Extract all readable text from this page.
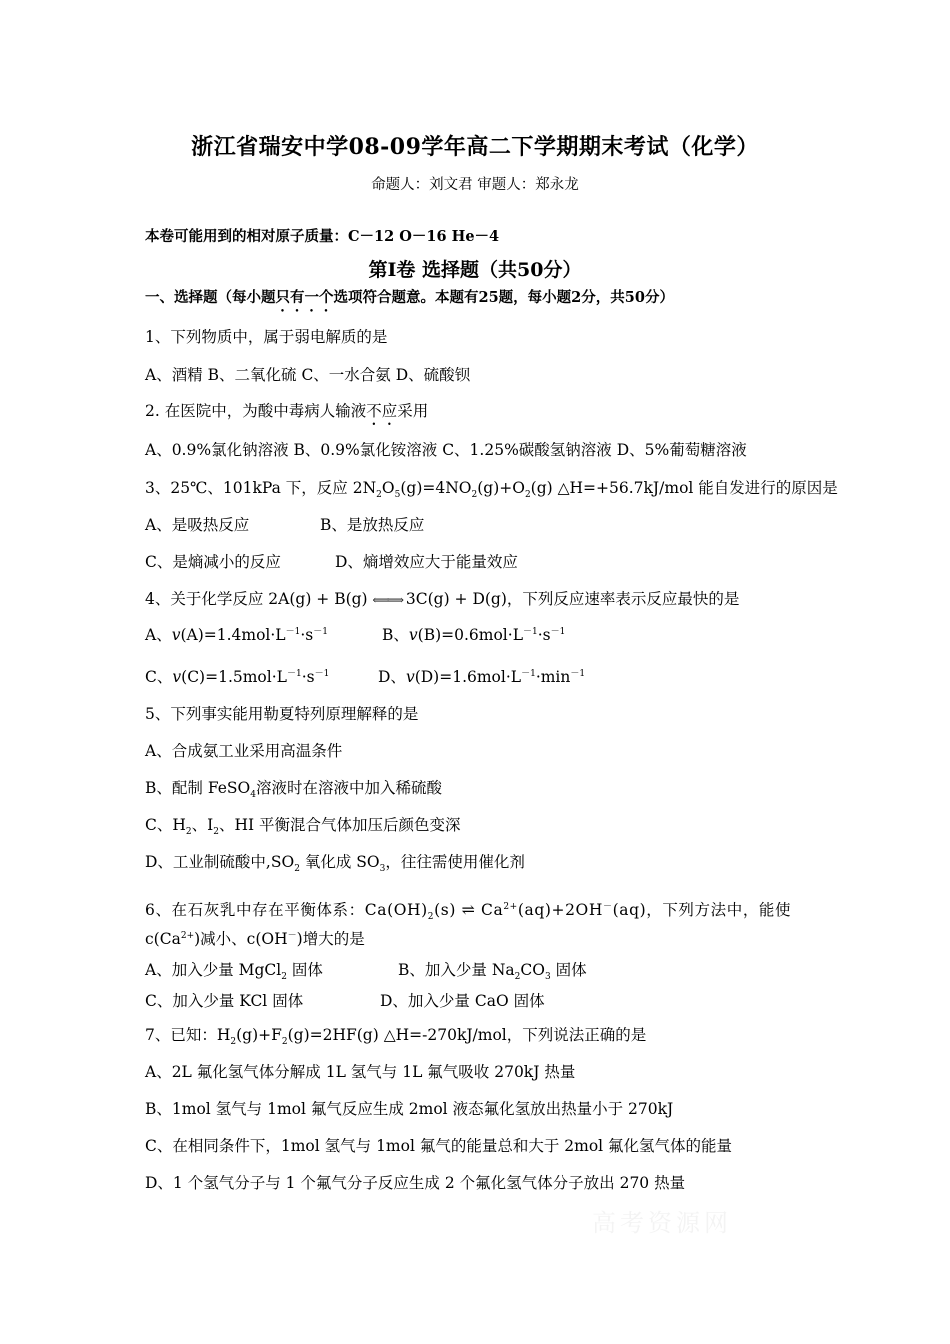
浙江省瑞安中学08-09学年高二下学期期末考试（化学）
命题人：刘文君 审题人：郑永龙
本卷可能用到的相对原子质量：C－12 O－16 He－4
第Ⅰ卷 选择题（共50分）
一、选择题（每小题只有一个选项符合题意。本题有25题，每小题2分，共50分）
1、下列物质中，属于弱电解质的是
A、酒精 B、二氧化硫 C、一水合氨 D、硫酸钡
2. 在医院中，为酸中毒病人输液不应采用
A、0.9%氯化钠溶液 B、0.9%氯化铵溶液 C、1.25%碳酸氢钠溶液 D、5%葡萄糖溶液
3、25℃、101kPa 下，反应 $2N_2O_5(g)=4NO_2(g)+O_2(g)$ △H=+56.7kJ/mol 能自发进行的原因是
A、是吸热反应	B、是放热反应
C、是熵减小的反应	D、熵增效应大于能量效应
4、关于化学反应 2A(g) + B(g) ⟸⟹ 3C(g) + D(g)，下列反应速率表示反应最快的是
A、$v(A)=1.4mol\cdot L^{-1}\cdot s^{-1}$	B、$v(B)=0.6mol\cdot L^{-1}\cdot s^{-1}$
C、$v(C)=1.5mol\cdot L^{-1}\cdot s^{-1}$	D、$v(D)=1.6mol\cdot L^{-1}\cdot\min^{-1}$
5、下列事实能用勒夏特列原理解释的是
A、合成氨工业采用高温条件
B、配制 FeSO$_4$溶液时在溶液中加入稀硫酸
C、$H_2$、$I_2$、HI 平衡混合气体加压后颜色变深
D、工业制硫酸中$,SO_2$ 氧化成 $SO_3$，往往需使用催化剂
6、在石灰乳中存在平衡体系：$Ca(OH)_2(s)$ ⇌ $Ca^{2+}(aq)+2OH^-(aq)$，下列方法中，能使
$c(Ca^{2+})$减小、c(OH－)增大的是
A、加入少量 MgCl$_2$ 固体	B、加入少量 $Na_2CO_3$ 固体
C、加入少量 KCl 固体	D、加入少量 CaO 固体
7、已知：$H_2(g)+F_2(g)=2HF(g)$ △H=-270kJ/mol，下列说法正确的是
A、2L 氟化氢气体分解成 1L 氢气与 1L 氟气吸收 270kJ 热量
B、1mol 氢气与 1mol 氟气反应生成 2mol 液态氟化氢放出热量小于 270kJ
C、在相同条件下，1mol 氢气与 1mol 氟气的能量总和大于 2mol 氟化氢气体的能量
D、1 个氢气分子与 1 个氟气分子反应生成 2 个氟化氢气体分子放出 270 热量
高考资源网
